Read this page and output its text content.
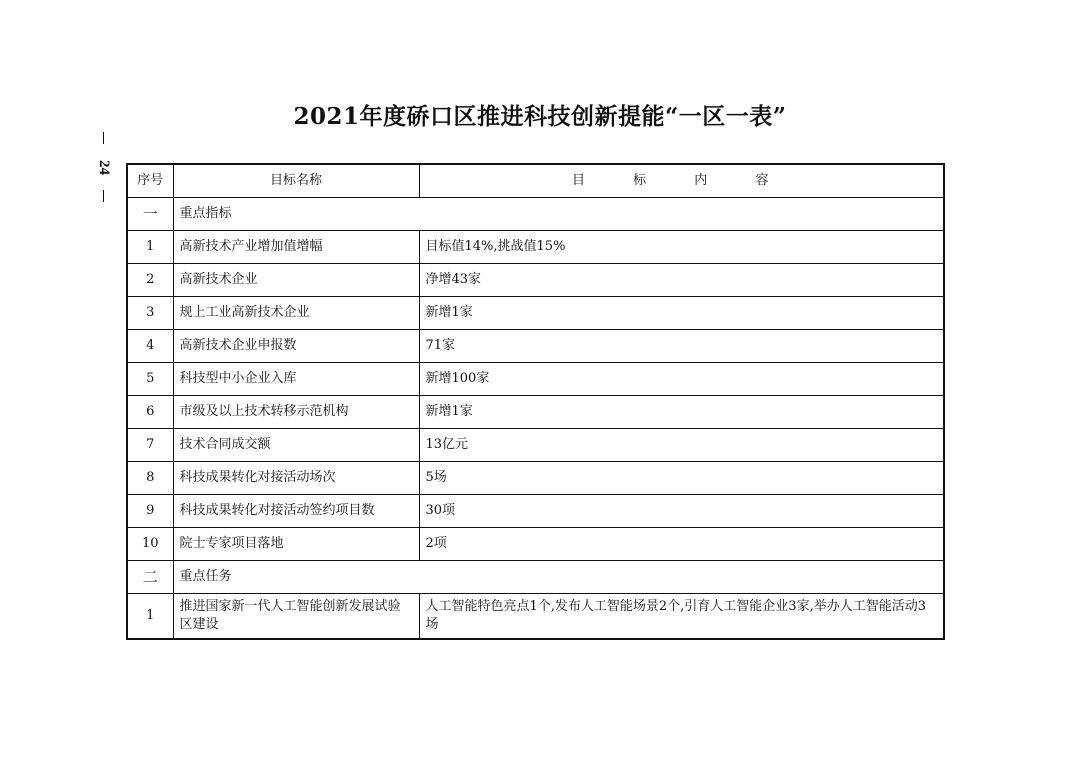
24
2021年度硚口区推进科技创新提能“一区一表”
序号	目标名称	目 标 内 容
一	重点指标	
1	高新技术产业增加值增幅	目标值14%,挑战值15%
2	高新技术企业	净增43家
3	规上工业高新技术企业	新增1家
4	高新技术企业申报数	71家
5	科技型中小企业入库	新增100家
6	市级及以上技术转移示范机构	新增1家
7	技术合同成交额	13亿元
8	科技成果转化对接活动场次	5场
9	科技成果转化对接活动签约项目数	30项
10	院士专家项目落地	2项
二	重点任务	
1	推进国家新一代人工智能创新发展试验区建设	人工智能特色亮点1个,发布人工智能场景2个,引育人工智能企业3家,举办人工智能活动3场
